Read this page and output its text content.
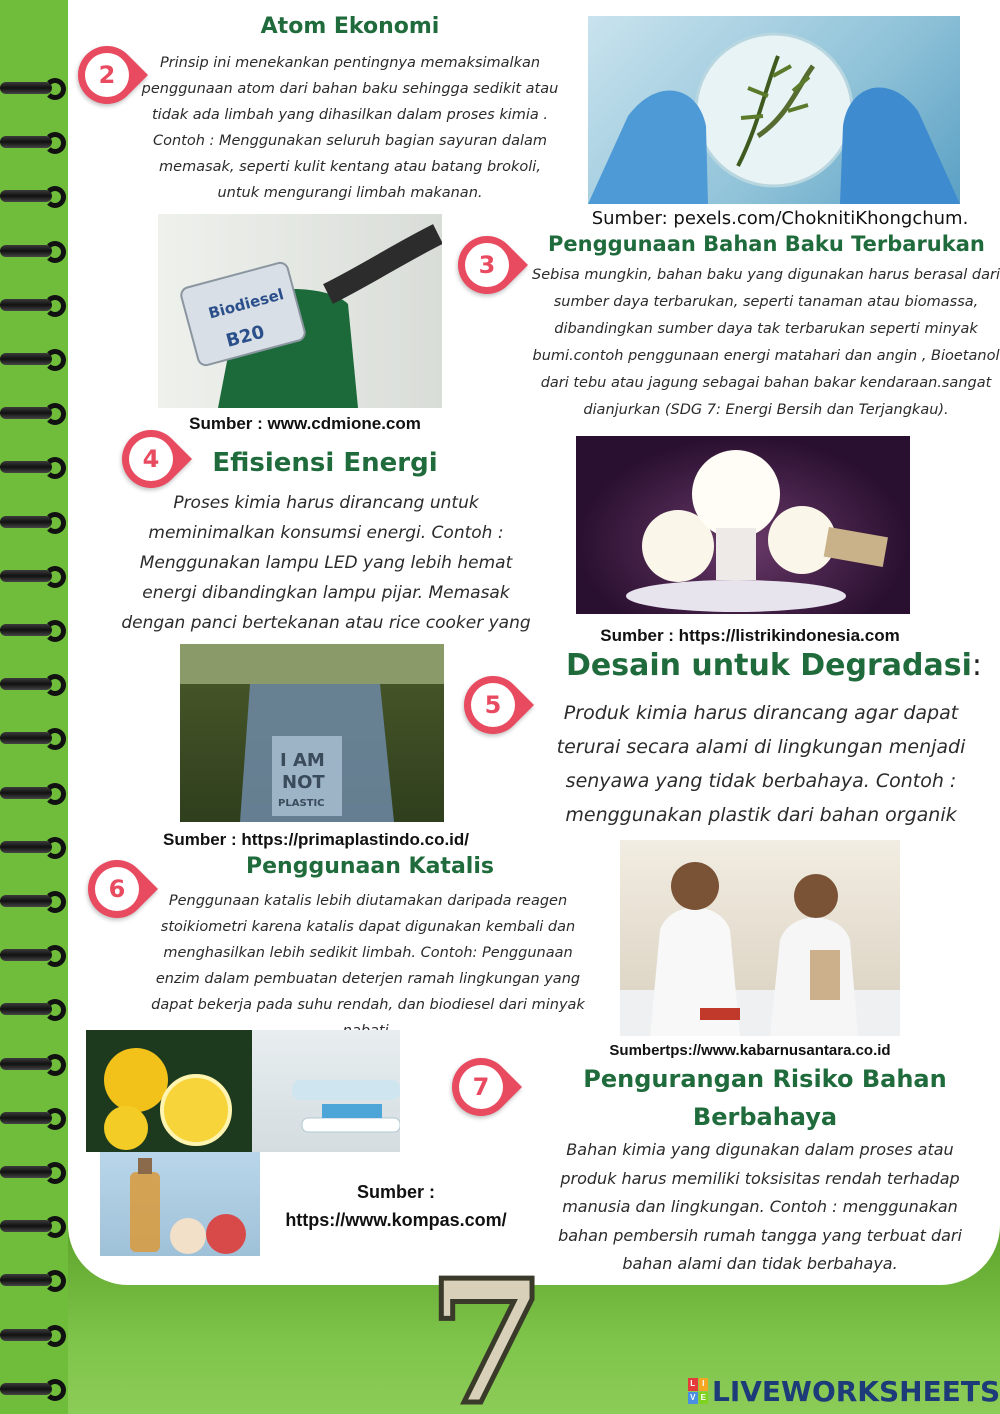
2
Atom Ekonomi
Prinsip ini menekankan pentingnya memaksimalkan penggunaan atom dari bahan baku sehingga sedikit atau tidak ada limbah yang dihasilkan dalam proses kimia . Contoh : Menggunakan seluruh bagian sayuran dalam memasak, seperti kulit kentang atau batang brokoli, untuk mengurangi limbah makanan.
Sumber: pexels.com/ChoknitiKhongchum.
Biodiesel
B20
3
Penggunaan Bahan Baku Terbarukan
Sebisa mungkin, bahan baku yang digunakan harus berasal dari sumber daya terbarukan, seperti tanaman atau biomassa, dibandingkan sumber daya tak terbarukan seperti minyak bumi.contoh penggunaan energi matahari dan angin , Bioetanol dari tebu atau jagung sebagai bahan bakar kendaraan.sangat dianjurkan (SDG 7: Energi Bersih dan Terjangkau).
Sumber : www.cdmione.com
4	Efisiensi Energi
Proses kimia harus dirancang untuk meminimalkan konsumsi energi. Contoh : Menggunakan lampu LED yang lebih hemat energi dibandingkan lampu pijar. Memasak dengan panci bertekanan atau rice cooker yang
Sumber : https://listrikindonesia.com
I AM
NOT
PLASTIC
5
Desain untuk Degradasi:
Produk kimia harus dirancang agar dapat terurai secara alami di lingkungan menjadi senyawa yang tidak berbahaya. Contoh : menggunakan plastik dari bahan organik
Sumber : https://primaplastindo.co.id/
Penggunaan Katalis
6	Penggunaan katalis lebih diutamakan daripada reagen stoikiometri karena katalis dapat digunakan kembali dan menghasilkan lebih sedikit limbah. Contoh: Penggunaan enzim dalam pembuatan deterjen ramah lingkungan yang dapat bekerja pada suhu rendah, dan biodiesel dari minyak
Sumbertps://www.kabarnusantara.co.id
Sumber :
https://www.kompas.com/
7	Pengurangan Risiko Bahan
Berbahaya
Bahan kimia yang digunakan dalam proses atau produk harus memiliki toksisitas rendah terhadap manusia dan lingkungan. Contoh : menggunakan bahan pembersih rumah tangga yang terbuat dari bahan alami dan tidak berbahaya.
7	L I
V E LIVEWORKSHEETS
